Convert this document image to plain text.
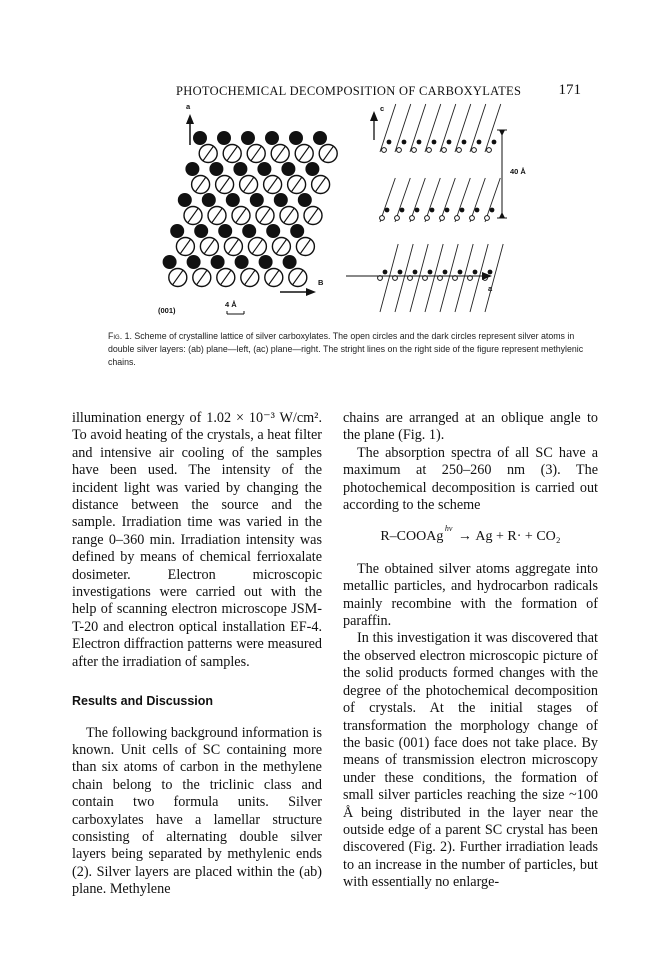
PHOTOCHEMICAL DECOMPOSITION OF CARBOXYLATES 171
a
B
(001)
4 Å
c
a
40 Å
Fig. 1. Scheme of crystalline lattice of silver carboxylates. The open circles and the dark circles represent silver atoms in double silver layers: (ab) plane—left, (ac) plane—right. The stright lines on the right side of the figure represent methylenic chains.

illumination energy of 1.02 × 10⁻³ W/cm². To avoid heating of the crystals, a heat filter and intensive air cooling of the samples have been used. The intensity of the incident light was varied by changing the distance between the source and the sample. Irradiation time was varied in the range 0–360 min. Irradiation intensity was defined by means of chemical ferrioxalate dosimeter. Electron microscopic investigations were carried out with the help of scanning electron microscope JSM-T-20 and electron optical installation EF-4. Electron diffraction patterns were measured after the irradiation of samples.

Results and Discussion

The following background information is known. Unit cells of SC containing more than six atoms of carbon in the methylene chain belong to the triclinic class and contain two formula units. Silver carboxylates have a lamellar structure consisting of alternating double silver layers being separated by methylenic ends (2). Silver layers are placed within the (ab) plane. Methylene

chains are arranged at an oblique angle to the plane (Fig. 1).

The absorption spectra of all SC have a maximum at 250–260 nm (3). The photochemical decomposition is carried out according to the scheme

R–COOAg $^{h\nu}$ → Ag + R· + CO₂

The obtained silver atoms aggregate into metallic particles, and hydrocarbon radicals mainly recombine with the formation of paraffin.

In this investigation it was discovered that the observed electron microscopic picture of the solid products formed changes with the degree of the photochemical decomposition of crystals. At the initial stages of transformation the morphology change of the basic (001) face does not take place. By means of transmission electron microscopy under these conditions, the formation of small silver particles reaching the size ~100 Å being distributed in the layer near the outside edge of a parent SC crystal has been discovered (Fig. 2). Further irradiation leads to an increase in the number of particles, but with essentially no enlarge-
